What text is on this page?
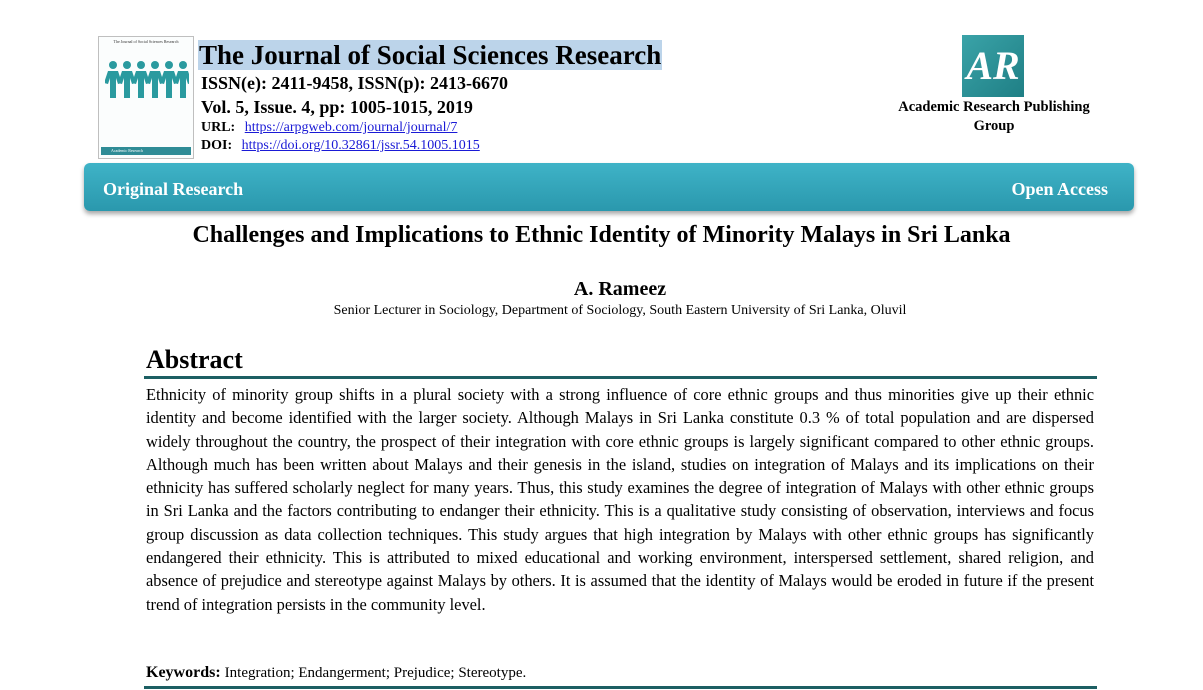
The Journal of Social Sciences Research
Academic Research
The Journal of Social Sciences Research
ISSN(e): 2411-9458, ISSN(p): 2413-6670
Vol. 5, Issue. 4, pp: 1005-1015, 2019
URL: https://arpgweb.com/journal/journal/7
DOI: https://doi.org/10.32861/jssr.54.1005.1015
AR
Academic Research Publishing Group
Original Research	Open Access
Challenges and Implications to Ethnic Identity of Minority Malays in Sri Lanka
A. Rameez
Senior Lecturer in Sociology, Department of Sociology, South Eastern University of Sri Lanka, Oluvil
Abstract

Ethnicity of minority group shifts in a plural society with a strong influence of core ethnic groups and thus minorities give up their ethnic identity and become identified with the larger society. Although Malays in Sri Lanka constitute 0.3 % of total population and are dispersed widely throughout the country, the prospect of their integration with core ethnic groups is largely significant compared to other ethnic groups. Although much has been written about Malays and their genesis in the island, studies on integration of Malays and its implications on their ethnicity has suffered scholarly neglect for many years. Thus, this study examines the degree of integration of Malays with other ethnic groups in Sri Lanka and the factors contributing to endanger their ethnicity. This is a qualitative study consisting of observation, interviews and focus group discussion as data collection techniques. This study argues that high integration by Malays with other ethnic groups has significantly endangered their ethnicity. This is attributed to mixed educational and working environment, interspersed settlement, shared religion, and absence of prejudice and stereotype against Malays by others. It is assumed that the identity of Malays would be eroded in future if the present trend of integration persists in the community level.

Keywords: Integration; Endangerment; Prejudice; Stereotype.
